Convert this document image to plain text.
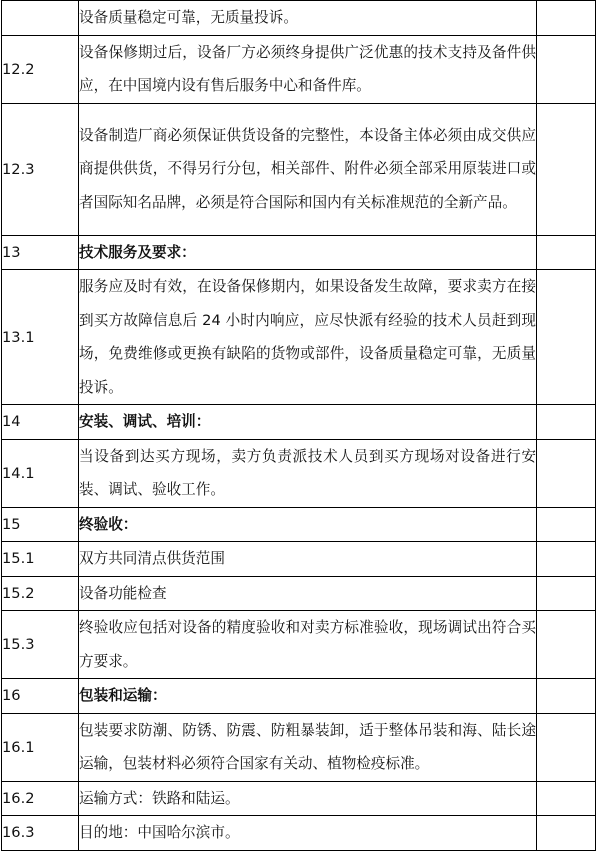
	设备质量稳定可靠，无质量投诉。	
12.2	设备保修期过后，设备厂方必须终身提供广泛优惠的技术支持及备件供应，在中国境内设有售后服务中心和备件库。	
12.3	设备制造厂商必须保证供货设备的完整性，本设备主体必须由成交供应商提供供货，不得另行分包，相关部件、附件必须全部采用原装进口或者国际知名品牌，必须是符合国际和国内有关标准规范的全新产品。	
13	技术服务及要求：	
13.1	服务应及时有效，在设备保修期内，如果设备发生故障，要求卖方在接到买方故障信息后 24 小时内响应，应尽快派有经验的技术人员赶到现场，免费维修或更换有缺陷的货物或部件，设备质量稳定可靠，无质量投诉。	
14	安装、调试、培训：	
14.1	当设备到达买方现场，卖方负责派技术人员到买方现场对设备进行安装、调试、验收工作。	
15	终验收：	
15.1	双方共同清点供货范围	
15.2	设备功能检查	
15.3	终验收应包括对设备的精度验收和对卖方标准验收，现场调试出符合买方要求。	
16	包装和运输：	
16.1	包装要求防潮、防锈、防震、防粗暴装卸，适于整体吊装和海、陆长途运输，包装材料必须符合国家有关动、植物检疫标准。	
16.2	运输方式：铁路和陆运。	
16.3	目的地：中国哈尔滨市。	
